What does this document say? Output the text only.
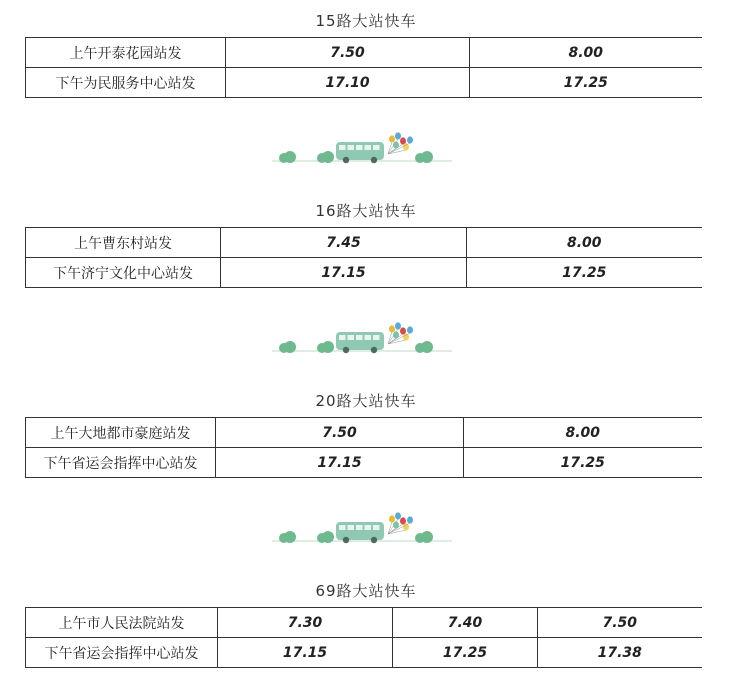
15路大站快车
上午开泰花园站发	7.50	8.00
下午为民服务中心站发	17.10	17.25
16路大站快车
上午曹东村站发	7.45	8.00
下午济宁文化中心站发	17.15	17.25
20路大站快车
上午大地都市豪庭站发	7.50	8.00
下午省运会指挥中心站发	17.15	17.25
69路大站快车
上午市人民法院站发	7.30	7.40	7.50
下午省运会指挥中心站发	17.15	17.25	17.38
